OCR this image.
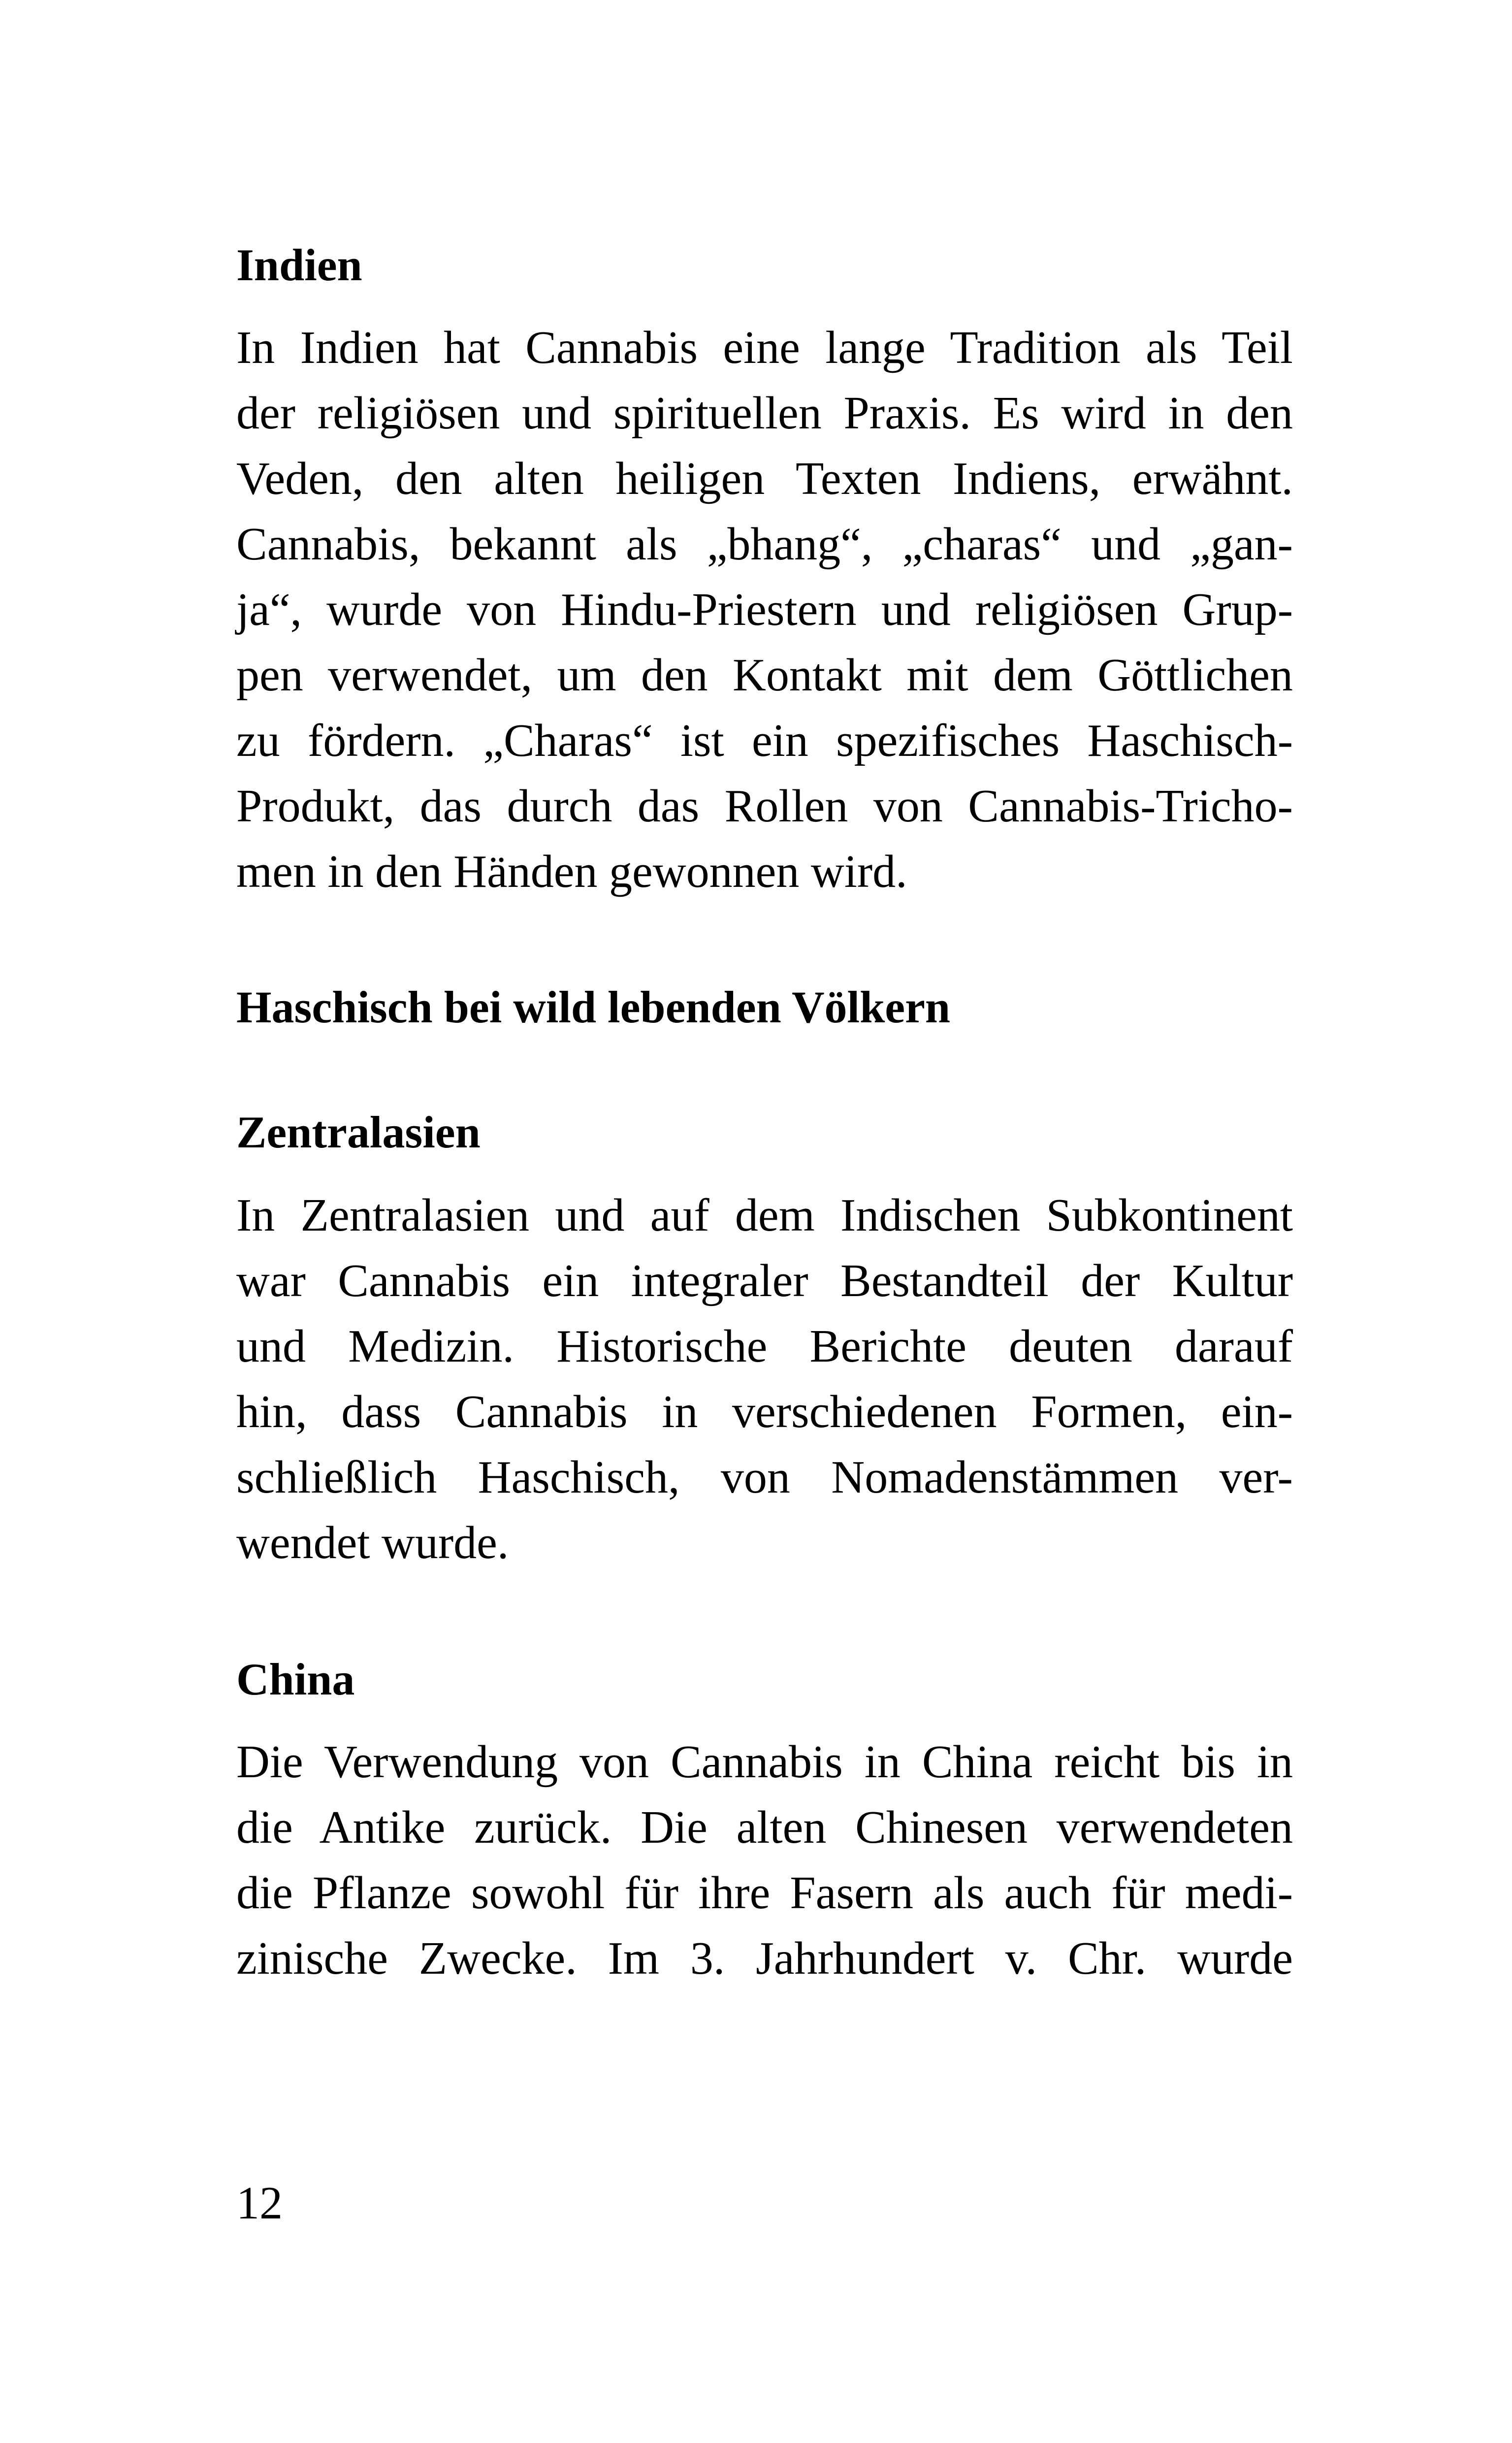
Indien
In Indien hat Cannabis eine lange Tradition als Teil
der religiösen und spirituellen Praxis. Es wird in den
Veden, den alten heiligen Texten Indiens, erwähnt.
Cannabis, bekannt als „bhang“, „charas“ und „gan-
ja“, wurde von Hindu-Priestern und religiösen Grup-
pen verwendet, um den Kontakt mit dem Göttlichen
zu fördern. „Charas“ ist ein spezifisches Haschisch-
Produkt, das durch das Rollen von Cannabis-Tricho-
men in den Händen gewonnen wird.
Haschisch bei wild lebenden Völkern
Zentralasien
In Zentralasien und auf dem Indischen Subkontinent
war Cannabis ein integraler Bestandteil der Kultur
und Medizin. Historische Berichte deuten darauf
hin, dass Cannabis in verschiedenen Formen, ein-
schließlich Haschisch, von Nomadenstämmen ver-
wendet wurde.
China
Die Verwendung von Cannabis in China reicht bis in
die Antike zurück. Die alten Chinesen verwendeten
die Pflanze sowohl für ihre Fasern als auch für medi-
zinische Zwecke. Im 3. Jahrhundert v. Chr. wurde

12
